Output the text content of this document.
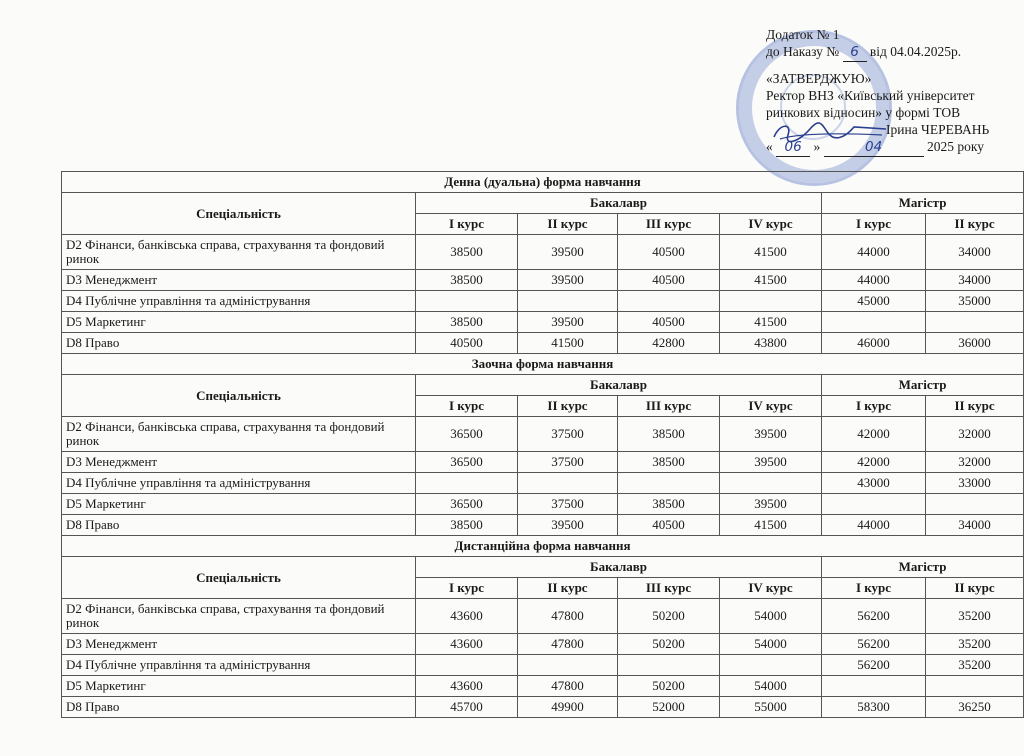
Додаток № 1
до Наказу № 6 від 04.04.2025р.
«ЗАТВЕРДЖУЮ»
Ректор ВНЗ «Київський університет
ринкових відносин» у формі ТОВ
Ірина ЧЕРЕВАНЬ
« 06 »	04	2025 року
Денна (дуальна) форма навчання						
Спеціальність	Бакалавр				Магістр	
	I курс	II курс	III курс	IV курс	I курс	II курс
D2 Фінанси, банківська справа, страхування та фондовий ринок	38500	39500	40500	41500	44000	34000
D3 Менеджмент	38500	39500	40500	41500	44000	34000
D4 Публічне управління та адміністрування					45000	35000
D5 Маркетинг	38500	39500	40500	41500		
D8 Право	40500	41500	42800	43800	46000	36000
Заочна форма навчання						
Спеціальність	Бакалавр				Магістр	
	I курс	II курс	III курс	IV курс	I курс	II курс
D2 Фінанси, банківська справа, страхування та фондовий ринок	36500	37500	38500	39500	42000	32000
D3 Менеджмент	36500	37500	38500	39500	42000	32000
D4 Публічне управління та адміністрування					43000	33000
D5 Маркетинг	36500	37500	38500	39500		
D8 Право	38500	39500	40500	41500	44000	34000
Дистанційна форма навчання						
Спеціальність	Бакалавр				Магістр	
	I курс	II курс	III курс	IV курс	I курс	II курс
D2 Фінанси, банківська справа, страхування та фондовий ринок	43600	47800	50200	54000	56200	35200
D3 Менеджмент	43600	47800	50200	54000	56200	35200
D4 Публічне управління та адміністрування					56200	35200
D5 Маркетинг	43600	47800	50200	54000		
D8 Право	45700	49900	52000	55000	58300	36250
